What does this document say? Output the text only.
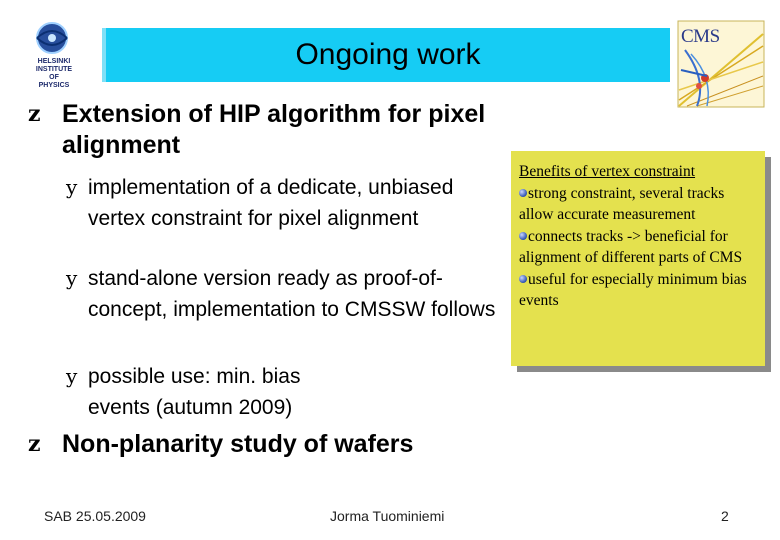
HELSINKI
INSTITUTE
OF
PHYSICS
Ongoing work
CMS
z Extension of HIP algorithm for pixel alignment
y implementation of a dedicate, unbiased vertex constraint for pixel alignment
y stand-alone version ready as proof-of-concept, implementation to CMSSW follows
y possible use: min. bias events (autumn 2009)
z Non-planarity study of wafers
Benefits of vertex constraint
strong constraint, several tracks allow accurate measurement
connects tracks -> beneficial for alignment of different parts of CMS
useful for especially minimum bias events
SAB 25.05.2009	Jorma Tuominiemi	2
